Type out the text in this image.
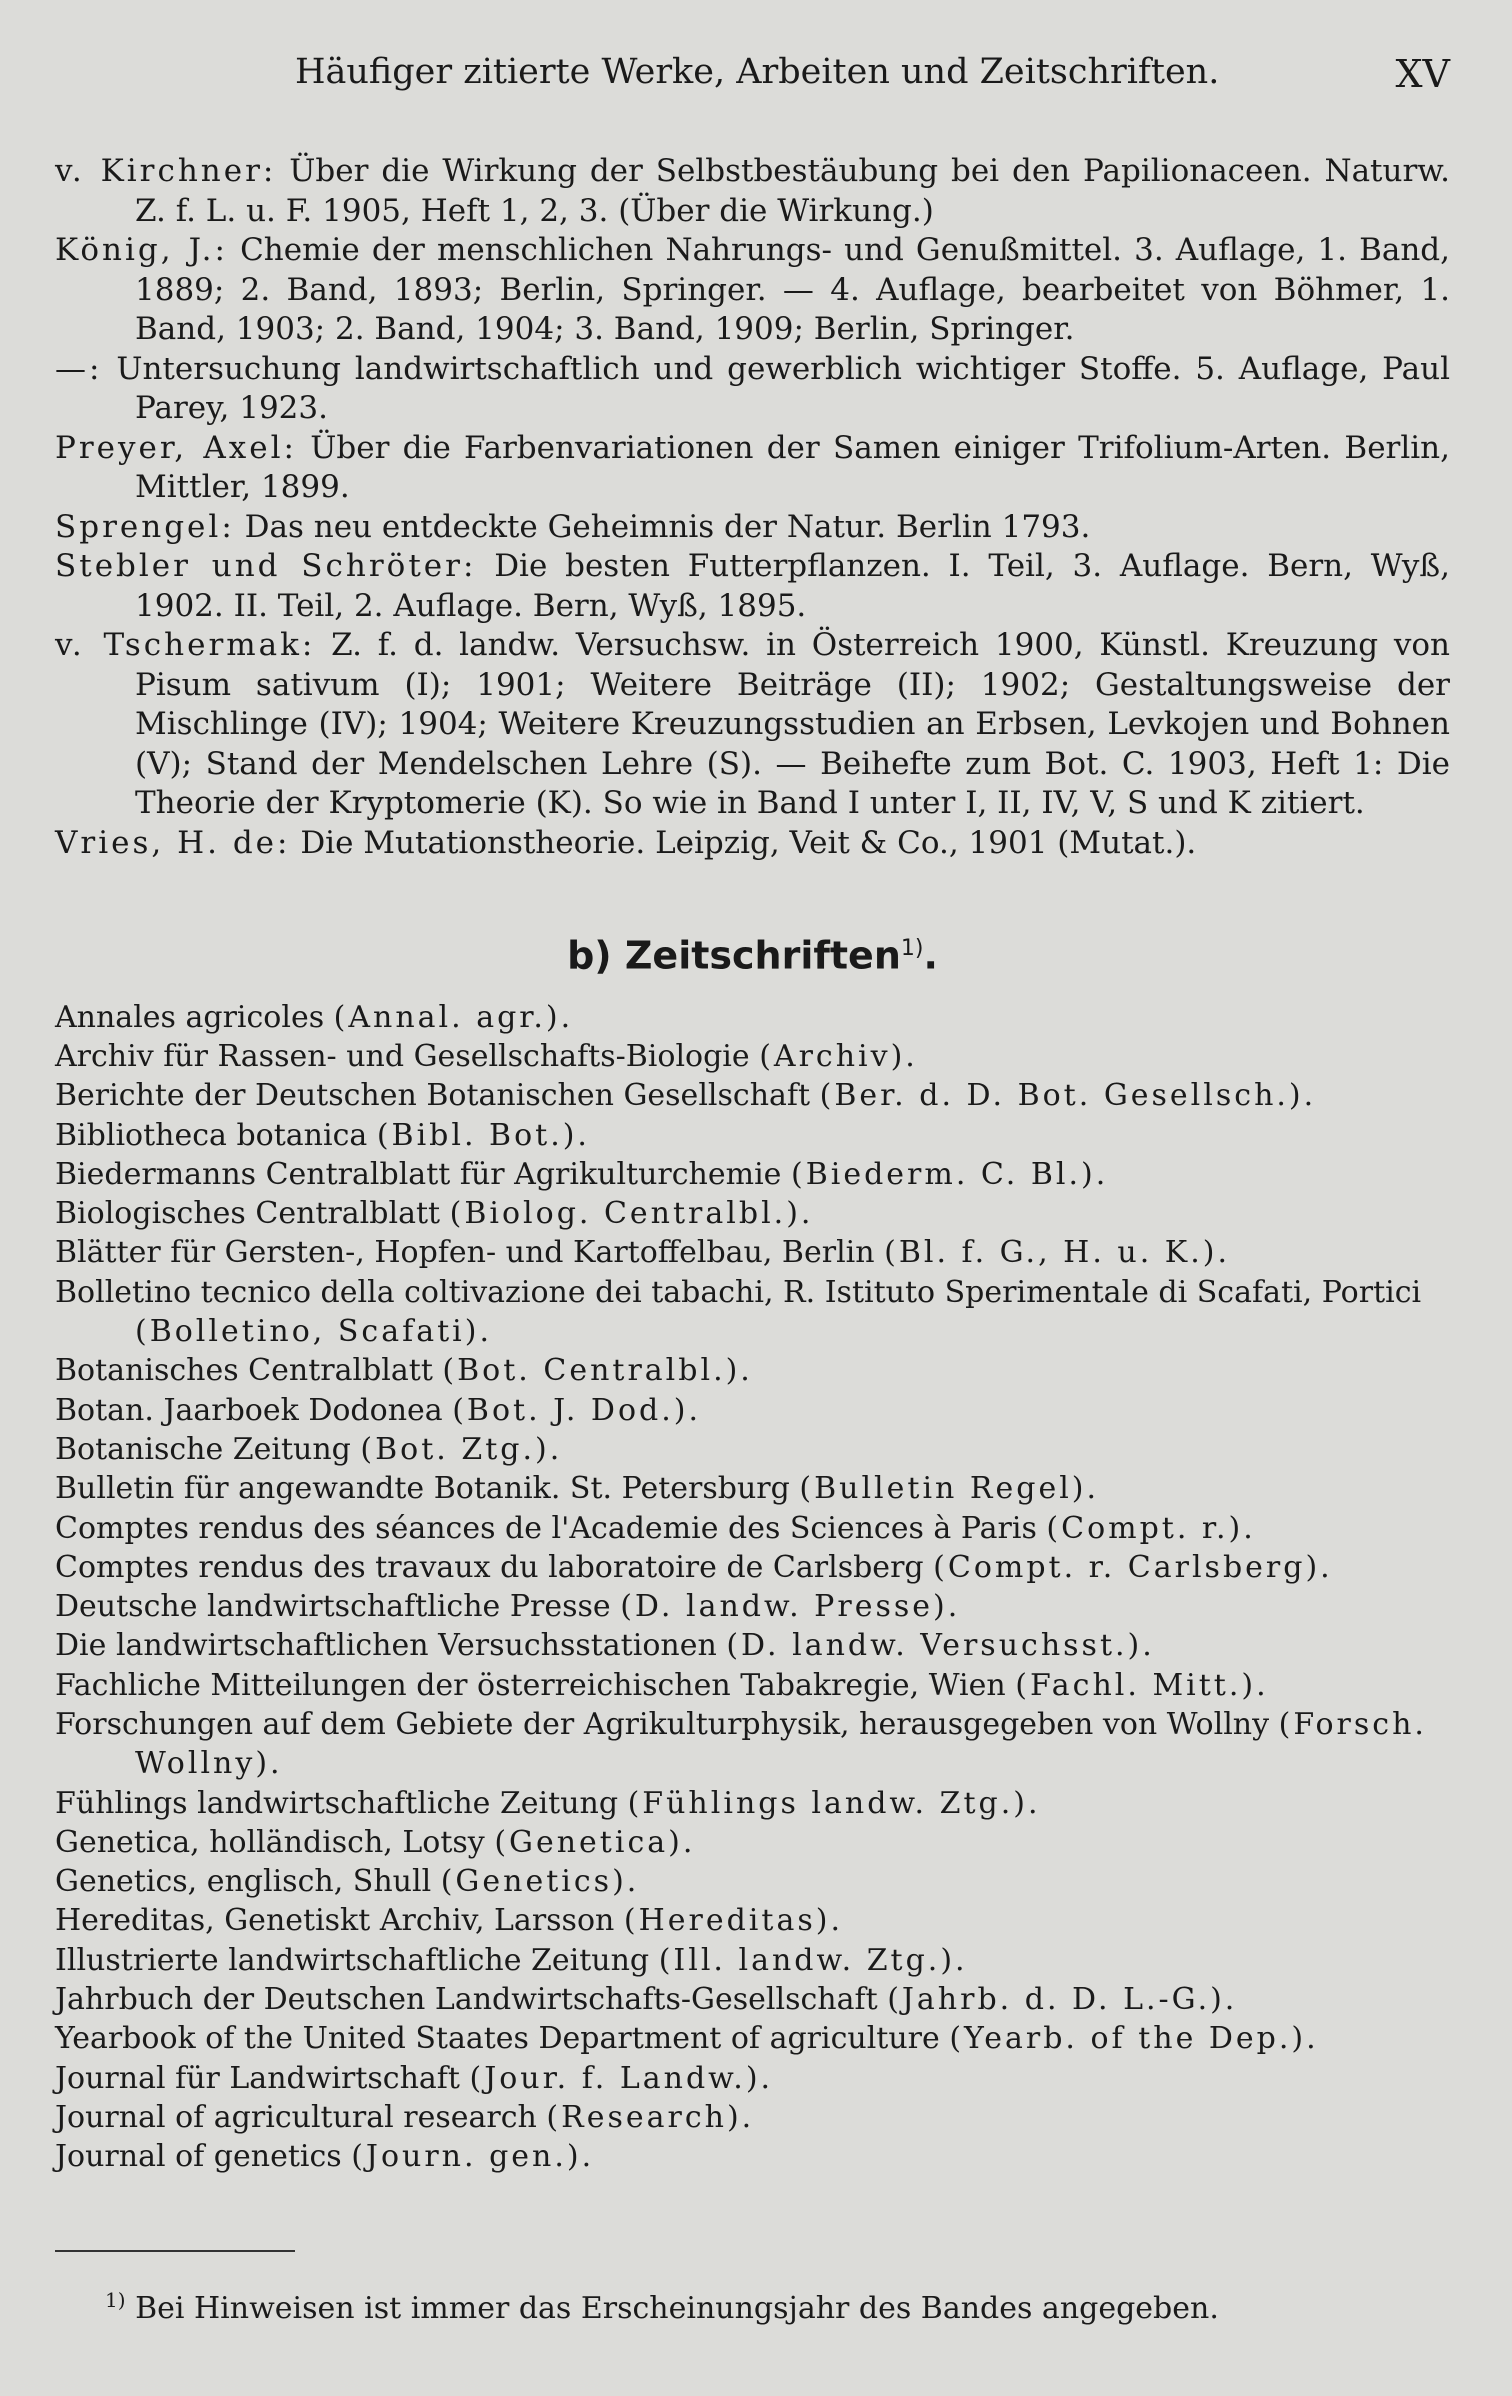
Häufiger zitierte Werke, Arbeiten und Zeitschriften.	XV

v. Kirchner: Über die Wirkung der Selbstbestäubung bei den Papilionaceen. Naturw. Z. f. L. u. F. 1905, Heft 1, 2, 3. (Über die Wirkung.)

König, J.: Chemie der menschlichen Nahrungs- und Genußmittel. 3. Auflage, 1. Band, 1889; 2. Band, 1893; Berlin, Springer. — 4. Auflage, bearbeitet von Böhmer, 1. Band, 1903; 2. Band, 1904; 3. Band, 1909; Berlin, Springer.

—: Untersuchung landwirtschaftlich und gewerblich wichtiger Stoffe. 5. Auflage, Paul Parey, 1923.

Preyer, Axel: Über die Farbenvariationen der Samen einiger Trifolium-Arten. Berlin, Mittler, 1899.

Sprengel: Das neu entdeckte Geheimnis der Natur. Berlin 1793.

Stebler und Schröter: Die besten Futterpflanzen. I. Teil, 3. Auflage. Bern, Wyß, 1902. II. Teil, 2. Auflage. Bern, Wyß, 1895.

v. Tschermak: Z. f. d. landw. Versuchsw. in Österreich 1900, Künstl. Kreuzung von Pisum sativum (I); 1901; Weitere Beiträge (II); 1902; Gestaltungsweise der Mischlinge (IV); 1904; Weitere Kreuzungsstudien an Erbsen, Levkojen und Bohnen (V); Stand der Mendelschen Lehre (S). — Beihefte zum Bot. C. 1903, Heft 1: Die Theorie der Kryptomerie (K). So wie in Band I unter I, II, IV, V, S und K zitiert.

Vries, H. de: Die Mutationstheorie. Leipzig, Veit & Co., 1901 (Mutat.).

b) Zeitschriften$^{1)}$.

Annales agricoles (Annal. agr.).

Archiv für Rassen- und Gesellschafts-Biologie (Archiv).

Berichte der Deutschen Botanischen Gesellschaft (Ber. d. D. Bot. Gesellsch.).

Bibliotheca botanica (Bibl. Bot.).

Biedermanns Centralblatt für Agrikulturchemie (Biederm. C. Bl.).

Biologisches Centralblatt (Biolog. Centralbl.).

Blätter für Gersten-, Hopfen- und Kartoffelbau, Berlin (Bl. f. G., H. u. K.).

Bolletino tecnico della coltivazione dei tabachi, R. Istituto Sperimentale di Scafati, Portici (Bolletino, Scafati).

Botanisches Centralblatt (Bot. Centralbl.).

Botan. Jaarboek Dodonea (Bot. J. Dod.).

Botanische Zeitung (Bot. Ztg.).

Bulletin für angewandte Botanik. St. Petersburg (Bulletin Regel).

Comptes rendus des séances de l'Academie des Sciences à Paris (Compt. r.).

Comptes rendus des travaux du laboratoire de Carlsberg (Compt. r. Carlsberg).

Deutsche landwirtschaftliche Presse (D. landw. Presse).

Die landwirtschaftlichen Versuchsstationen (D. landw. Versuchsst.).

Fachliche Mitteilungen der österreichischen Tabakregie, Wien (Fachl. Mitt.).

Forschungen auf dem Gebiete der Agrikulturphysik, herausgegeben von Wollny (Forsch. Wollny).

Fühlings landwirtschaftliche Zeitung (Fühlings landw. Ztg.).

Genetica, holländisch, Lotsy (Genetica).

Genetics, englisch, Shull (Genetics).

Hereditas, Genetiskt Archiv, Larsson (Hereditas).

Illustrierte landwirtschaftliche Zeitung (Ill. landw. Ztg.).

Jahrbuch der Deutschen Landwirtschafts-Gesellschaft (Jahrb. d. D. L.-G.).

Yearbook of the United Staates Department of agriculture (Yearb. of the Dep.).

Journal für Landwirtschaft (Jour. f. Landw.).

Journal of agricultural research (Research).

Journal of genetics (Journ. gen.).

$^{1)}$ Bei Hinweisen ist immer das Erscheinungsjahr des Bandes angegeben.
